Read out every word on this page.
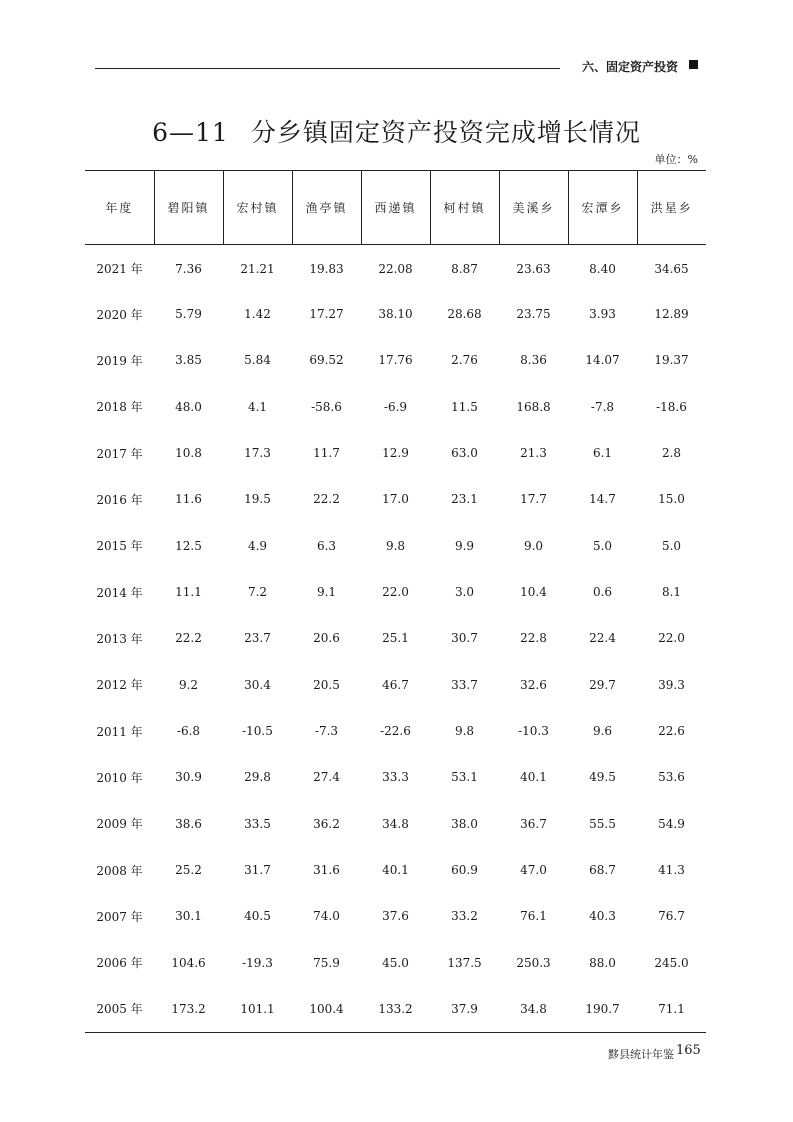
六、固定资产投资
6—11 分乡镇固定资产投资完成增长情况
单位：%
年度	碧阳镇	宏村镇	渔亭镇	西递镇	柯村镇	美溪乡	宏潭乡	洪星乡
2021 年	7.36	21.21	19.83	22.08	8.87	23.63	8.40	34.65
2020 年	5.79	1.42	17.27	38.10	28.68	23.75	3.93	12.89
2019 年	3.85	5.84	69.52	17.76	2.76	8.36	14.07	19.37
2018 年	48.0	4.1	-58.6	-6.9	11.5	168.8	-7.8	-18.6
2017 年	10.8	17.3	11.7	12.9	63.0	21.3	6.1	2.8
2016 年	11.6	19.5	22.2	17.0	23.1	17.7	14.7	15.0
2015 年	12.5	4.9	6.3	9.8	9.9	9.0	5.0	5.0
2014 年	11.1	7.2	9.1	22.0	3.0	10.4	0.6	8.1
2013 年	22.2	23.7	20.6	25.1	30.7	22.8	22.4	22.0
2012 年	9.2	30.4	20.5	46.7	33.7	32.6	29.7	39.3
2011 年	-6.8	-10.5	-7.3	-22.6	9.8	-10.3	9.6	22.6
2010 年	30.9	29.8	27.4	33.3	53.1	40.1	49.5	53.6
2009 年	38.6	33.5	36.2	34.8	38.0	36.7	55.5	54.9
2008 年	25.2	31.7	31.6	40.1	60.9	47.0	68.7	41.3
2007 年	30.1	40.5	74.0	37.6	33.2	76.1	40.3	76.7
2006 年	104.6	-19.3	75.9	45.0	137.5	250.3	88.0	245.0
2005 年	173.2	101.1	100.4	133.2	37.9	34.8	190.7	71.1
黟县统计年鉴 165
